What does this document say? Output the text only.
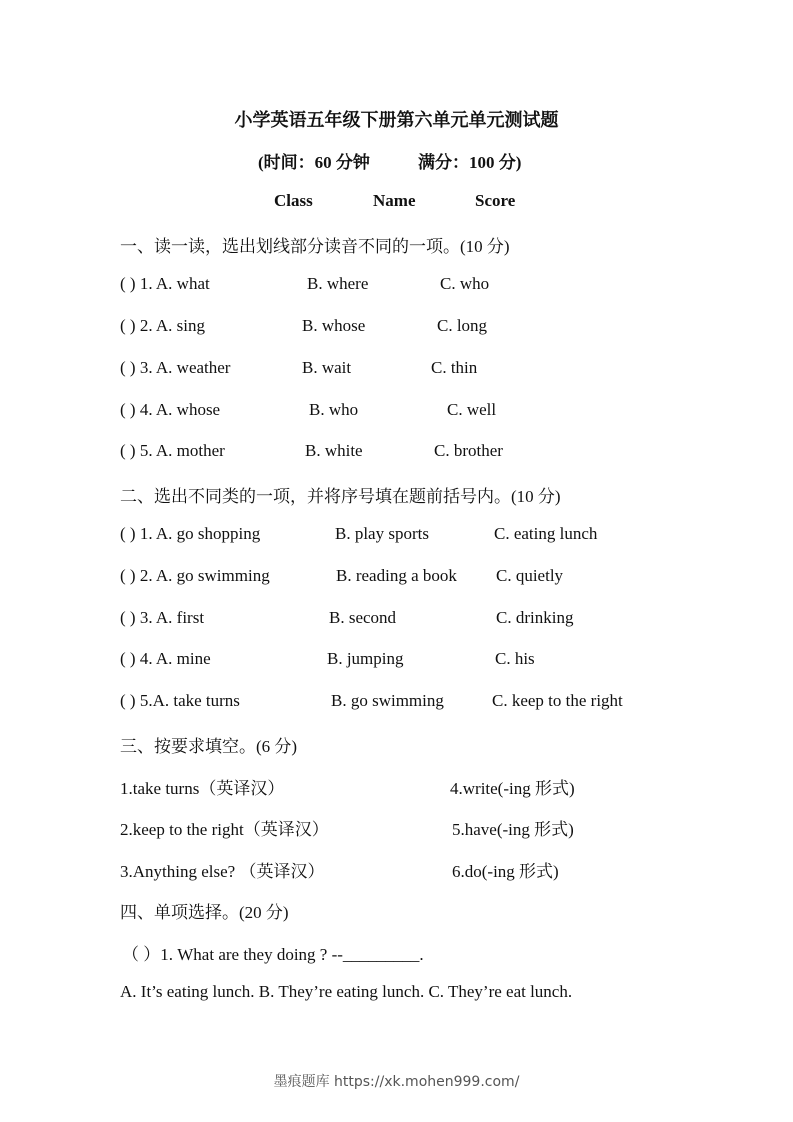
小学英语五年级下册第六单元单元测试题
(时间：60 分钟	满分：100 分)
Class	Name	Score
一、读一读，选出划线部分读音不同的一项。(10 分)
( ) 1. A. what	B. where	C. who
( ) 2. A. sing	B. whose	C. long
( ) 3. A. weather	B. wait	C. thin
( ) 4. A. whose	B. who	C. well
( ) 5. A. mother	B. white	C. brother
二、选出不同类的一项，并将序号填在题前括号内。(10 分)
( ) 1. A. go shopping	B. play sports	C. eating lunch
( ) 2. A. go swimming	B. reading a book C. quietly
( ) 3. A. first	B. second	C. drinking
( ) 4. A. mine	B. jumping	C. his
( ) 5.A. take turns	B. go swimming	C. keep to the right
三、按要求填空。(6 分)
1.take turns（英译汉）	4.write(-ing 形式)
2.keep to the right（英译汉）	5.have(-ing 形式)
3.Anything else? （英译汉）	6.do(-ing 形式)
四、单项选择。(20 分)
（ ）1. What are they doing ? --_________.
A. It’s eating lunch. B. They’re eating lunch. C. They’re eat lunch.
墨痕题库 https://xk.mohen999.com/
